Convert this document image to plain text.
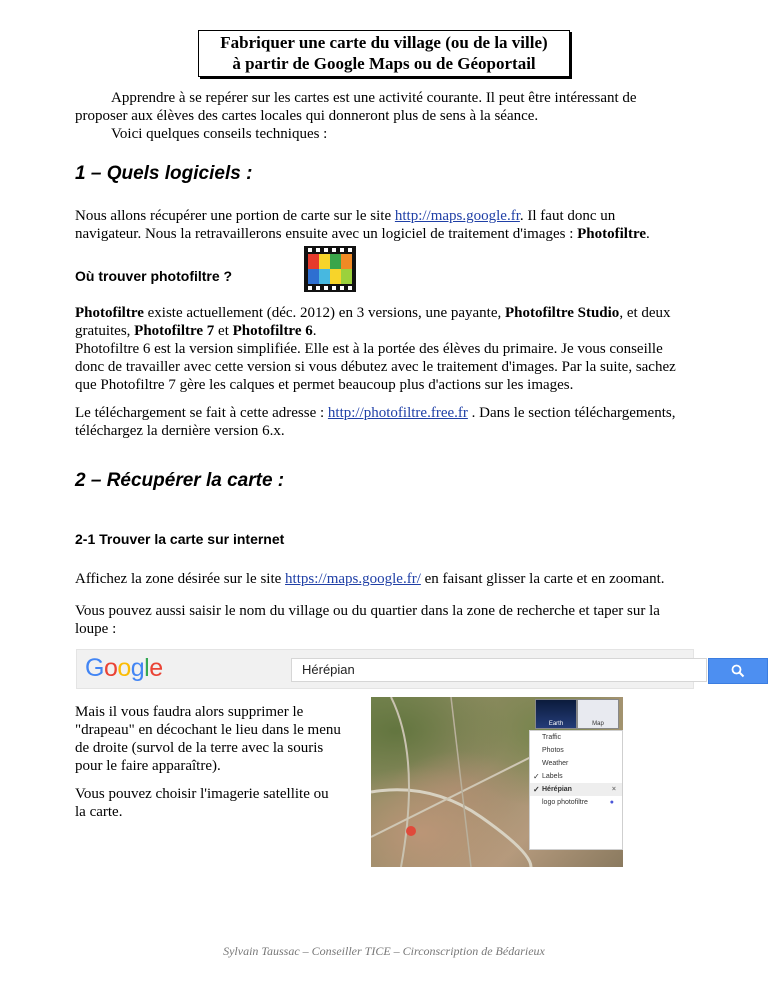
Fabriquer une carte du village (ou de la ville)
à partir de Google Maps ou de Géoportail
Apprendre à se repérer sur les cartes est une activité courante. Il peut être intéressant de
proposer aux élèves des cartes locales qui donneront plus de sens à la séance.
Voici quelques conseils techniques :
1 – Quels logiciels :
Nous allons récupérer une portion de carte sur le site http://maps.google.fr. Il faut donc un
navigateur. Nous la retravaillerons ensuite avec un logiciel de traitement d'images : Photofiltre.
Où trouver photofiltre ?
Photofiltre existe actuellement (déc. 2012) en 3 versions, une payante, Photofiltre Studio, et deux
gratuites, Photofiltre 7 et Photofiltre 6.
Photofiltre 6 est la version simplifiée. Elle est à la portée des élèves du primaire. Je vous conseille
donc de travailler avec cette version si vous débutez avec le traitement d'images. Par la suite, sachez
que Photofiltre 7 gère les calques et permet beaucoup plus d'actions sur les images.
Le téléchargement se fait à cette adresse : http://photofiltre.free.fr . Dans le section téléchargements,
téléchargez la dernière version 6.x.
2 – Récupérer la carte :
2-1 Trouver la carte sur internet
Affichez la zone désirée sur le site https://maps.google.fr/ en faisant glisser la carte et en zoomant.
Vous pouvez aussi saisir le nom du village ou du quartier dans la zone de recherche et taper sur la
loupe :
Google	Hérépian
Mais il vous faudra alors supprimer le
"drapeau" en décochant le lieu dans le menu
de droite (survol de la terre avec la souris
pour le faire apparaître).
Vous pouvez choisir l'imagerie satellite ou
la carte.
Earth	Map
Traffic
Photos
Weather
✓ Labels
✓ Hérépian	×
logo photofiltre	●
Sylvain Taussac – Conseiller TICE – Circonscription de Bédarieux
